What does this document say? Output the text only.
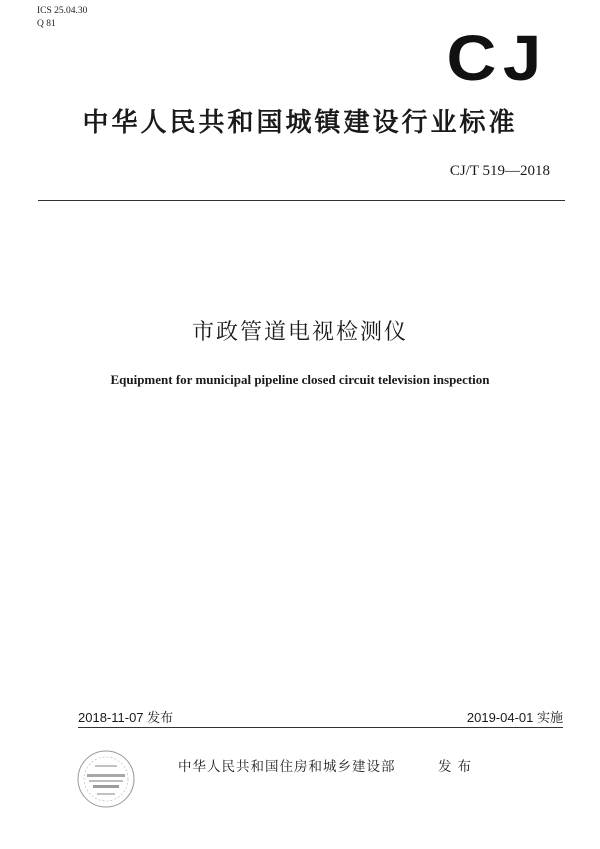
ICS 25.04.30
Q 81	CJ
中华人民共和国城镇建设行业标准
CJ/T 519—2018
市政管道电视检测仪
Equipment for municipal pipeline closed circuit television inspection
2018-11-07 发布	2019-04-01 实施
中华人民共和国住房和城乡建设部	发布
